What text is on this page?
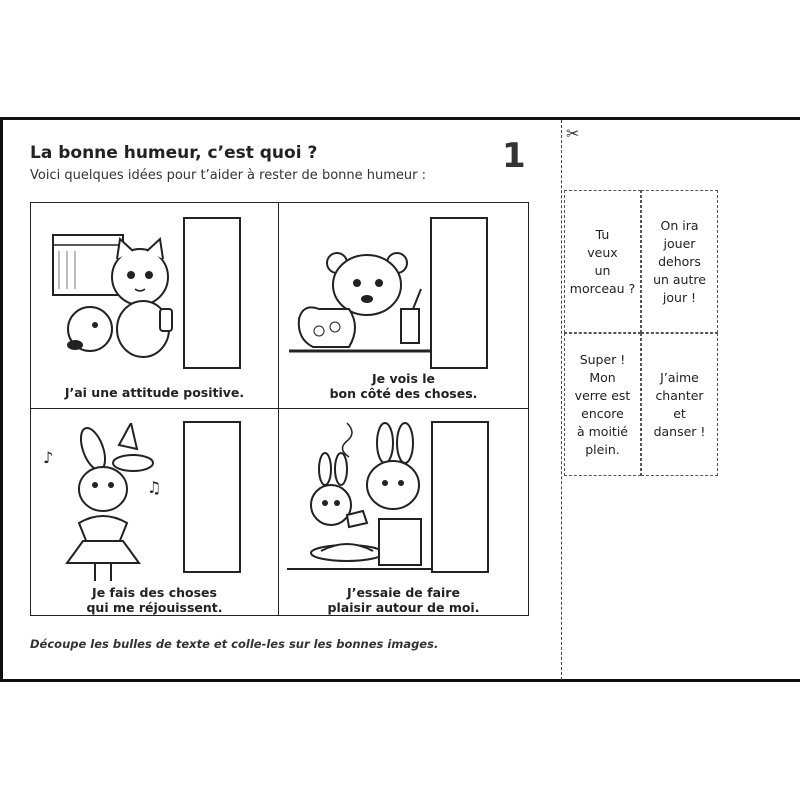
La bonne humeur, c’est quoi ?
Voici quelques idées pour t’aider à rester de bonne humeur : 1
J’ai une attitude positive.
Je vois le
bon côté des choses.
♪
♫
Je fais des choses
qui me réjouissent.
J’essaie de faire
plaisir autour de moi.
Découpe les bulles de texte et colle-les sur les bonnes images.
✂
Tu
veux
un
morceau ?
On ira
jouer
dehors
un autre
jour !
Super !
Mon
verre est
encore
à moitié
plein.
J’aime
chanter
et
danser !
